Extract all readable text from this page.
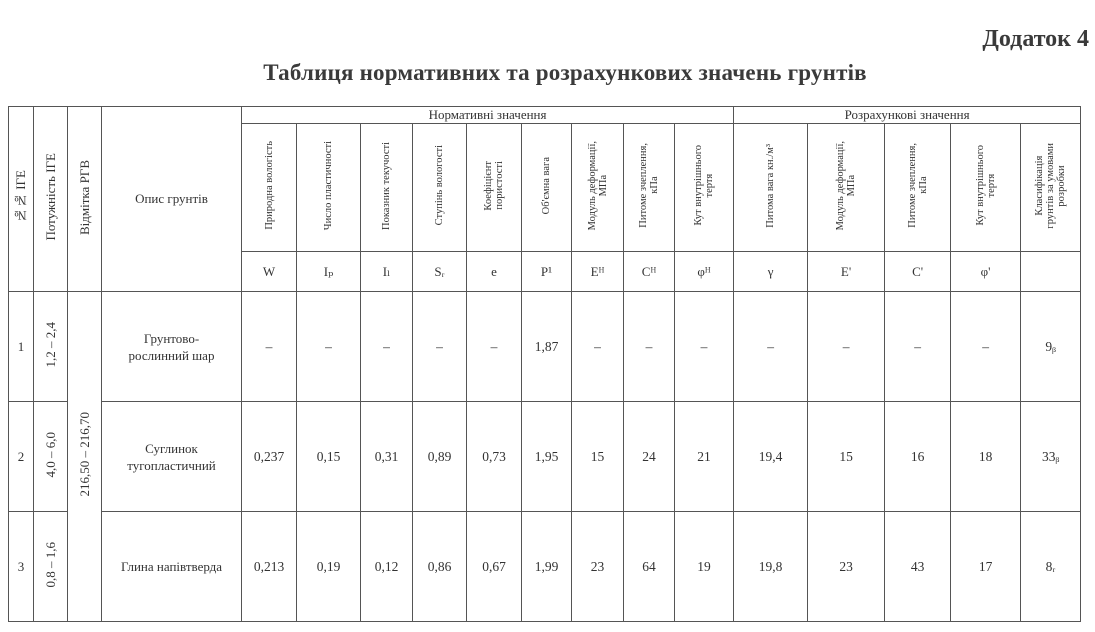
Додаток 4
Таблиця нормативних та розрахункових значень грунтів
№№ ІГЕ	Потужність ІГЕ	Відмітка РГВ	Опис грунтів	Нормативні значення									Розрахункові значення				
				Природна вологість	Число пластичності	Показник текучості	Ступінь вологості	Коефіцієнт
пористості	Об'ємна вага	Модуль деформації,
МПа	Питоме зчеплення,
кПа	Кут внутрішнього
тертя	Питома вага кн./м³	Модуль деформації,
МПа	Питоме зчеплення,
кПа	Кут внутрішнього
тертя	Класифікація
грунтів за умовами
розробки
				W	Iₚ	Iₗ	Sᵣ	e	P¹	Eᴴ	Cᴴ	φᴴ	γ	E'	C'	φ'	
1	1,2 – 2,4	216,50 – 216,70	Грунтово-
рослинний шар	–	–	–	–	–	1,87	–	–	–	–	–	–	–	9ᵦ
2	4,0 – 6,0		Суглинок
тугопластичний	0,237	0,15	0,31	0,89	0,73	1,95	15	24	21	19,4	15	16	18	33ᵦ
3	0,8 – 1,6		Глина напівтверда	0,213	0,19	0,12	0,86	0,67	1,99	23	64	19	19,8	23	43	17	8ᵣ
